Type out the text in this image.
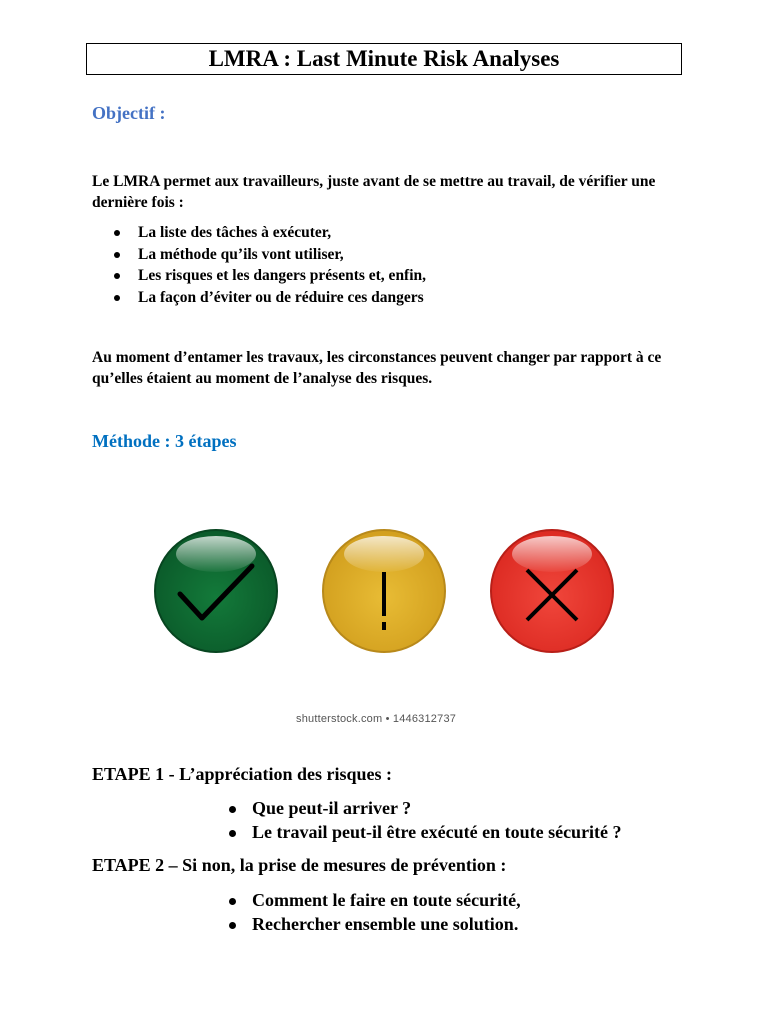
LMRA : Last Minute Risk Analyses
Objectif :
Le LMRA permet aux travailleurs, juste avant de se mettre au travail, de vérifier une dernière fois :
La liste des tâches à exécuter,
La méthode qu’ils vont utiliser,
Les risques et les dangers présents et, enfin,
La façon d’éviter ou de réduire ces dangers
Au moment d’entamer les travaux, les circonstances peuvent changer par rapport à ce qu’elles étaient au moment de l’analyse des risques.
Méthode : 3 étapes
shutterstock.com • 1446312737
ETAPE 1 - L’appréciation des risques :
Que peut-il arriver ?
Le travail peut-il être exécuté en toute sécurité ?
ETAPE 2 – Si non, la prise de mesures de prévention :
Comment le faire en toute sécurité,
Rechercher ensemble une solution.
